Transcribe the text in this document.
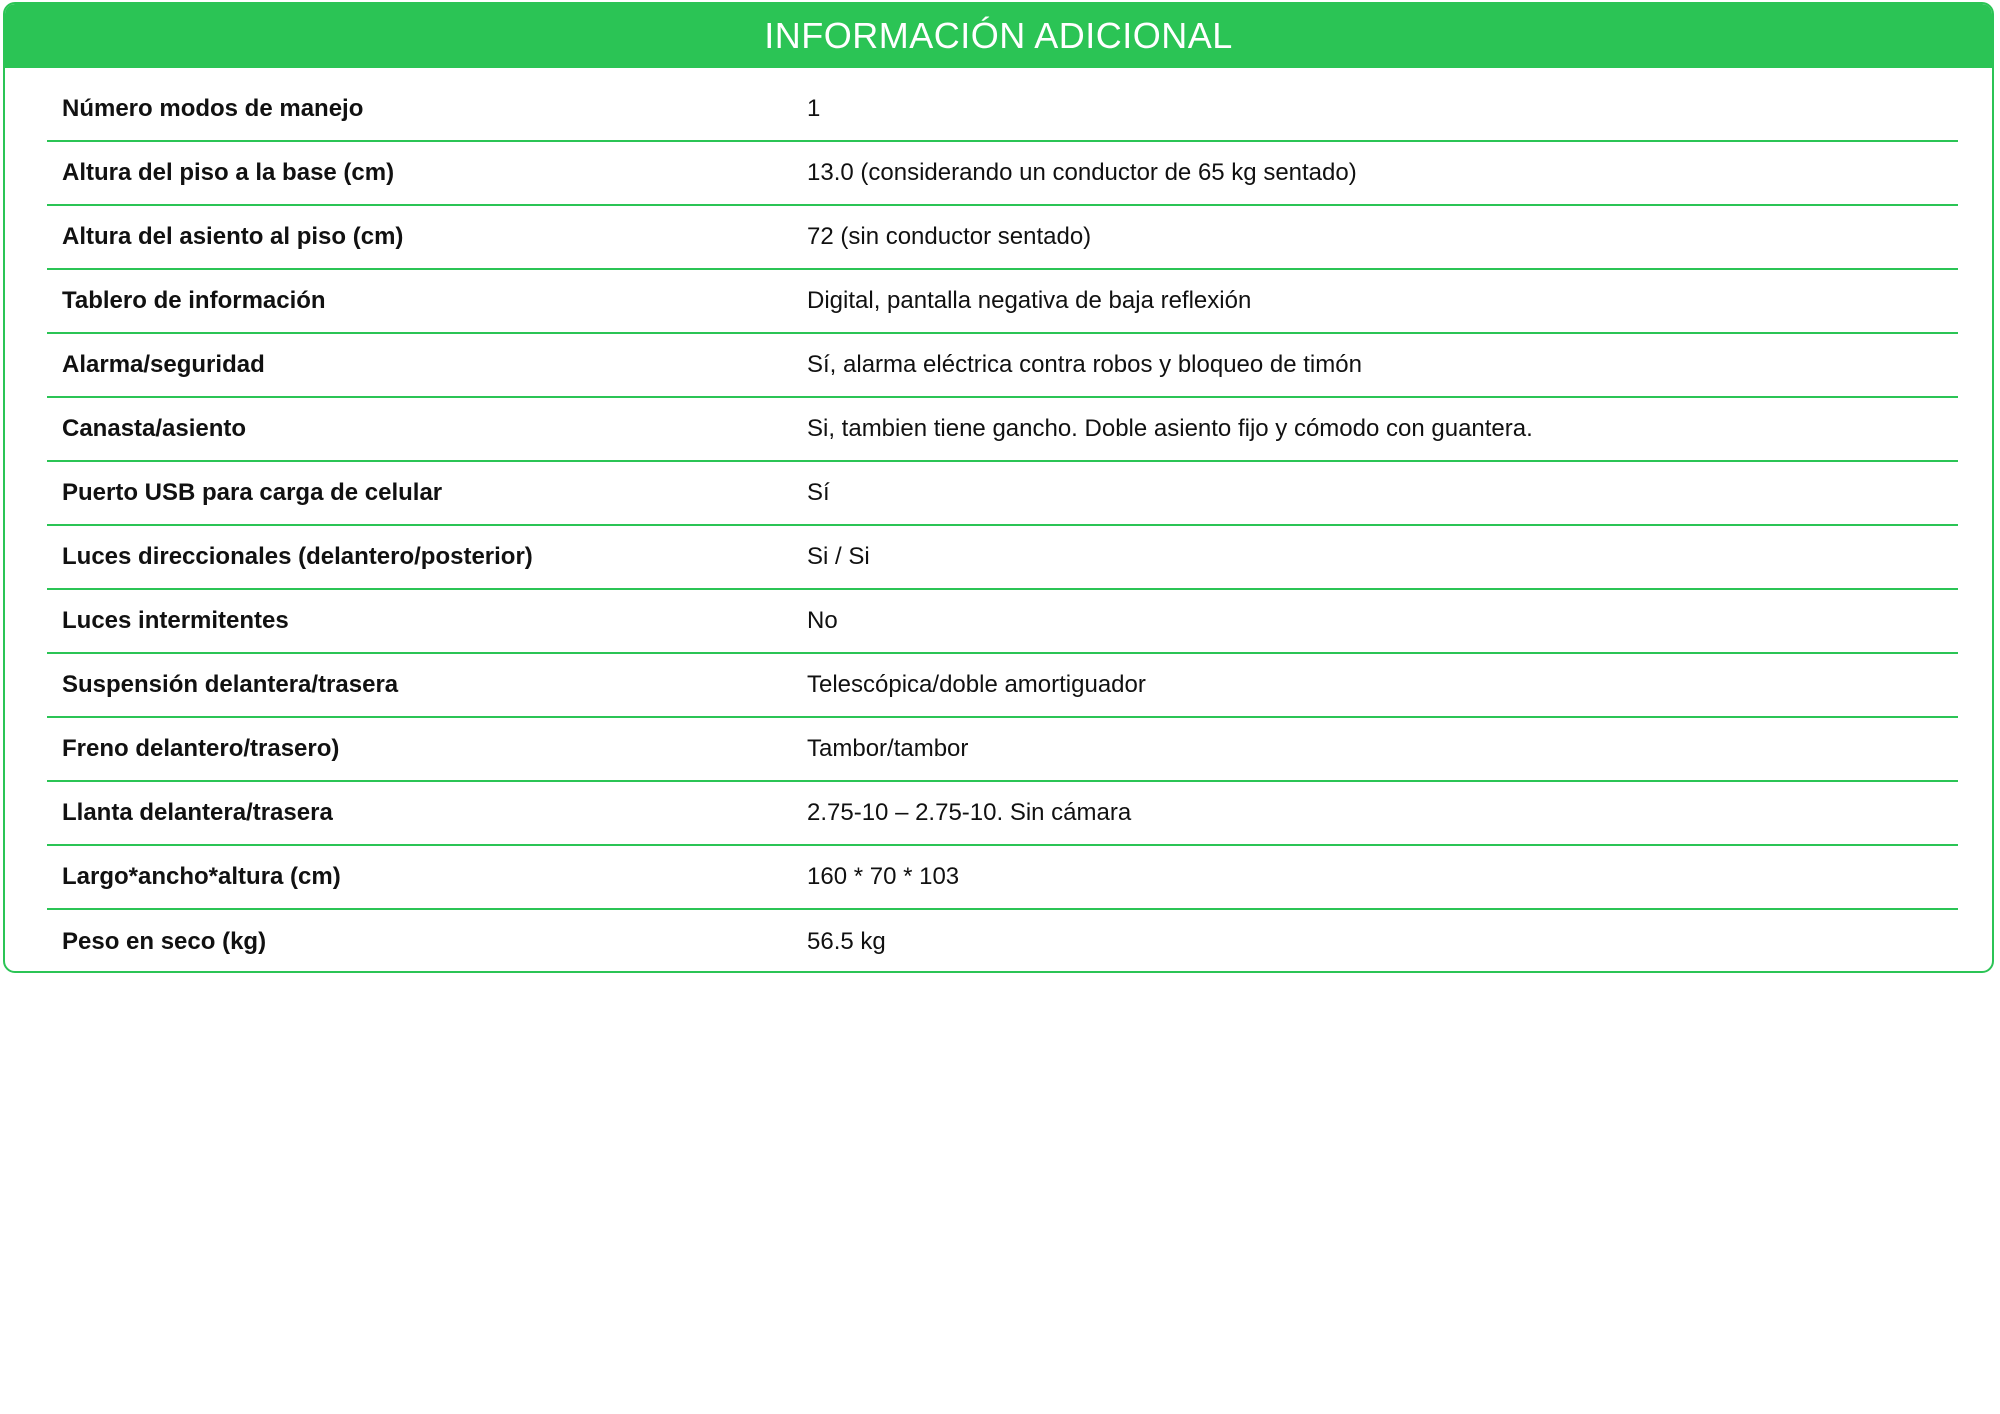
INFORMACIÓN ADICIONAL
Número modos de manejo	1
Altura del piso a la base (cm)	13.0 (considerando un conductor de 65 kg sentado)
Altura del asiento al piso (cm)	72 (sin conductor sentado)
Tablero de información	Digital, pantalla negativa de baja reflexión
Alarma/seguridad	Sí, alarma eléctrica contra robos y bloqueo de timón
Canasta/asiento	Si, tambien tiene gancho. Doble asiento fijo y cómodo con guantera.
Puerto USB para carga de celular	Sí
Luces direccionales (delantero/posterior)	Si / Si
Luces intermitentes	No
Suspensión delantera/trasera	Telescópica/doble amortiguador
Freno delantero/trasero)	Tambor/tambor
Llanta delantera/trasera	2.75-10 – 2.75-10. Sin cámara
Largo*ancho*altura (cm)	160 * 70 * 103
Peso en seco (kg)	56.5 kg
